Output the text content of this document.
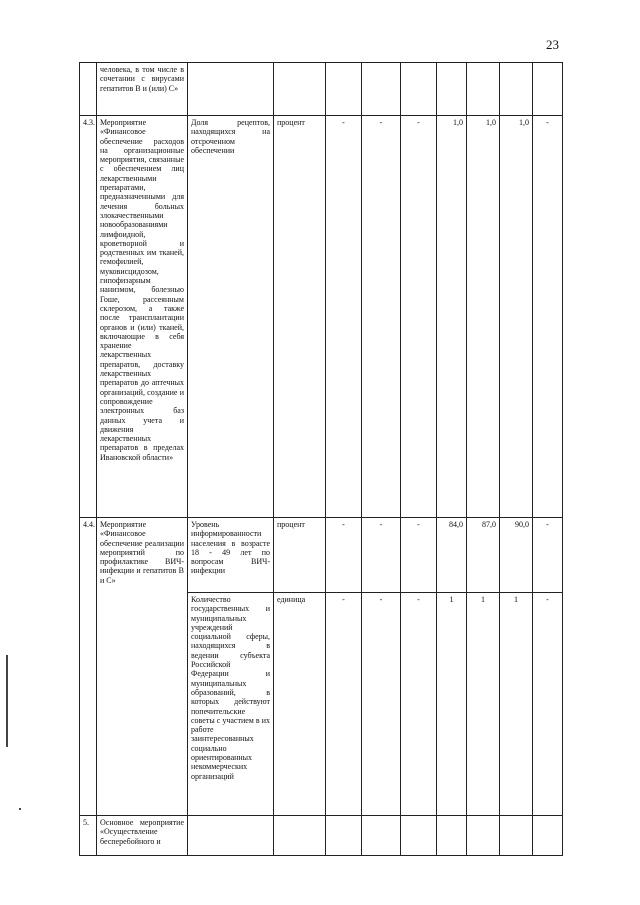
23
	человека, в том числе в сочетании с вирусами гепатитов В и (или) С»									
4.3.	Мероприятие «Финансовое обеспечение расходов на организационные мероприятия, связанные с обеспечением лиц лекарственными препаратами, предназначенными для лечения больных злокачественными новообразованиями лимфоидной, кроветворной и родственных им тканей, гемофилией, муковисцидозом, гипофизарным нанизмом, болезнью Гоше, рассеянным склерозом, а также после трансплантации органов и (или) тканей, включающие в себя хранение лекарственных препаратов, доставку лекарственных препаратов до аптечных организаций, создание и сопровождение электронных баз данных учета и движения лекарственных препаратов в пределах Ивановской области»	Доля рецептов, находящихся на отсроченном обеспечении	процент	-	-	-	1,0	1,0	1,0	-
4.4.	Мероприятие «Финансовое обеспечение реализации мероприятий по профилактике ВИЧ-инфекции и гепатитов В и С»	Уровень информированности населения в возрасте 18 - 49 лет по вопросам ВИЧ-инфекции	процент	-	-	-	84,0	87,0	90,0	-
		Количество государственных и муниципальных учреждений социальной сферы, находящихся в ведении субъекта Российской Федерации и муниципальных образований, в которых действуют попечительские советы с участием в их работе заинтересованных социально ориентированных некоммерческих организаций	единица	-	-	-	1	1	1	-
5.	Основное мероприятие «Осуществление бесперебойного и									
